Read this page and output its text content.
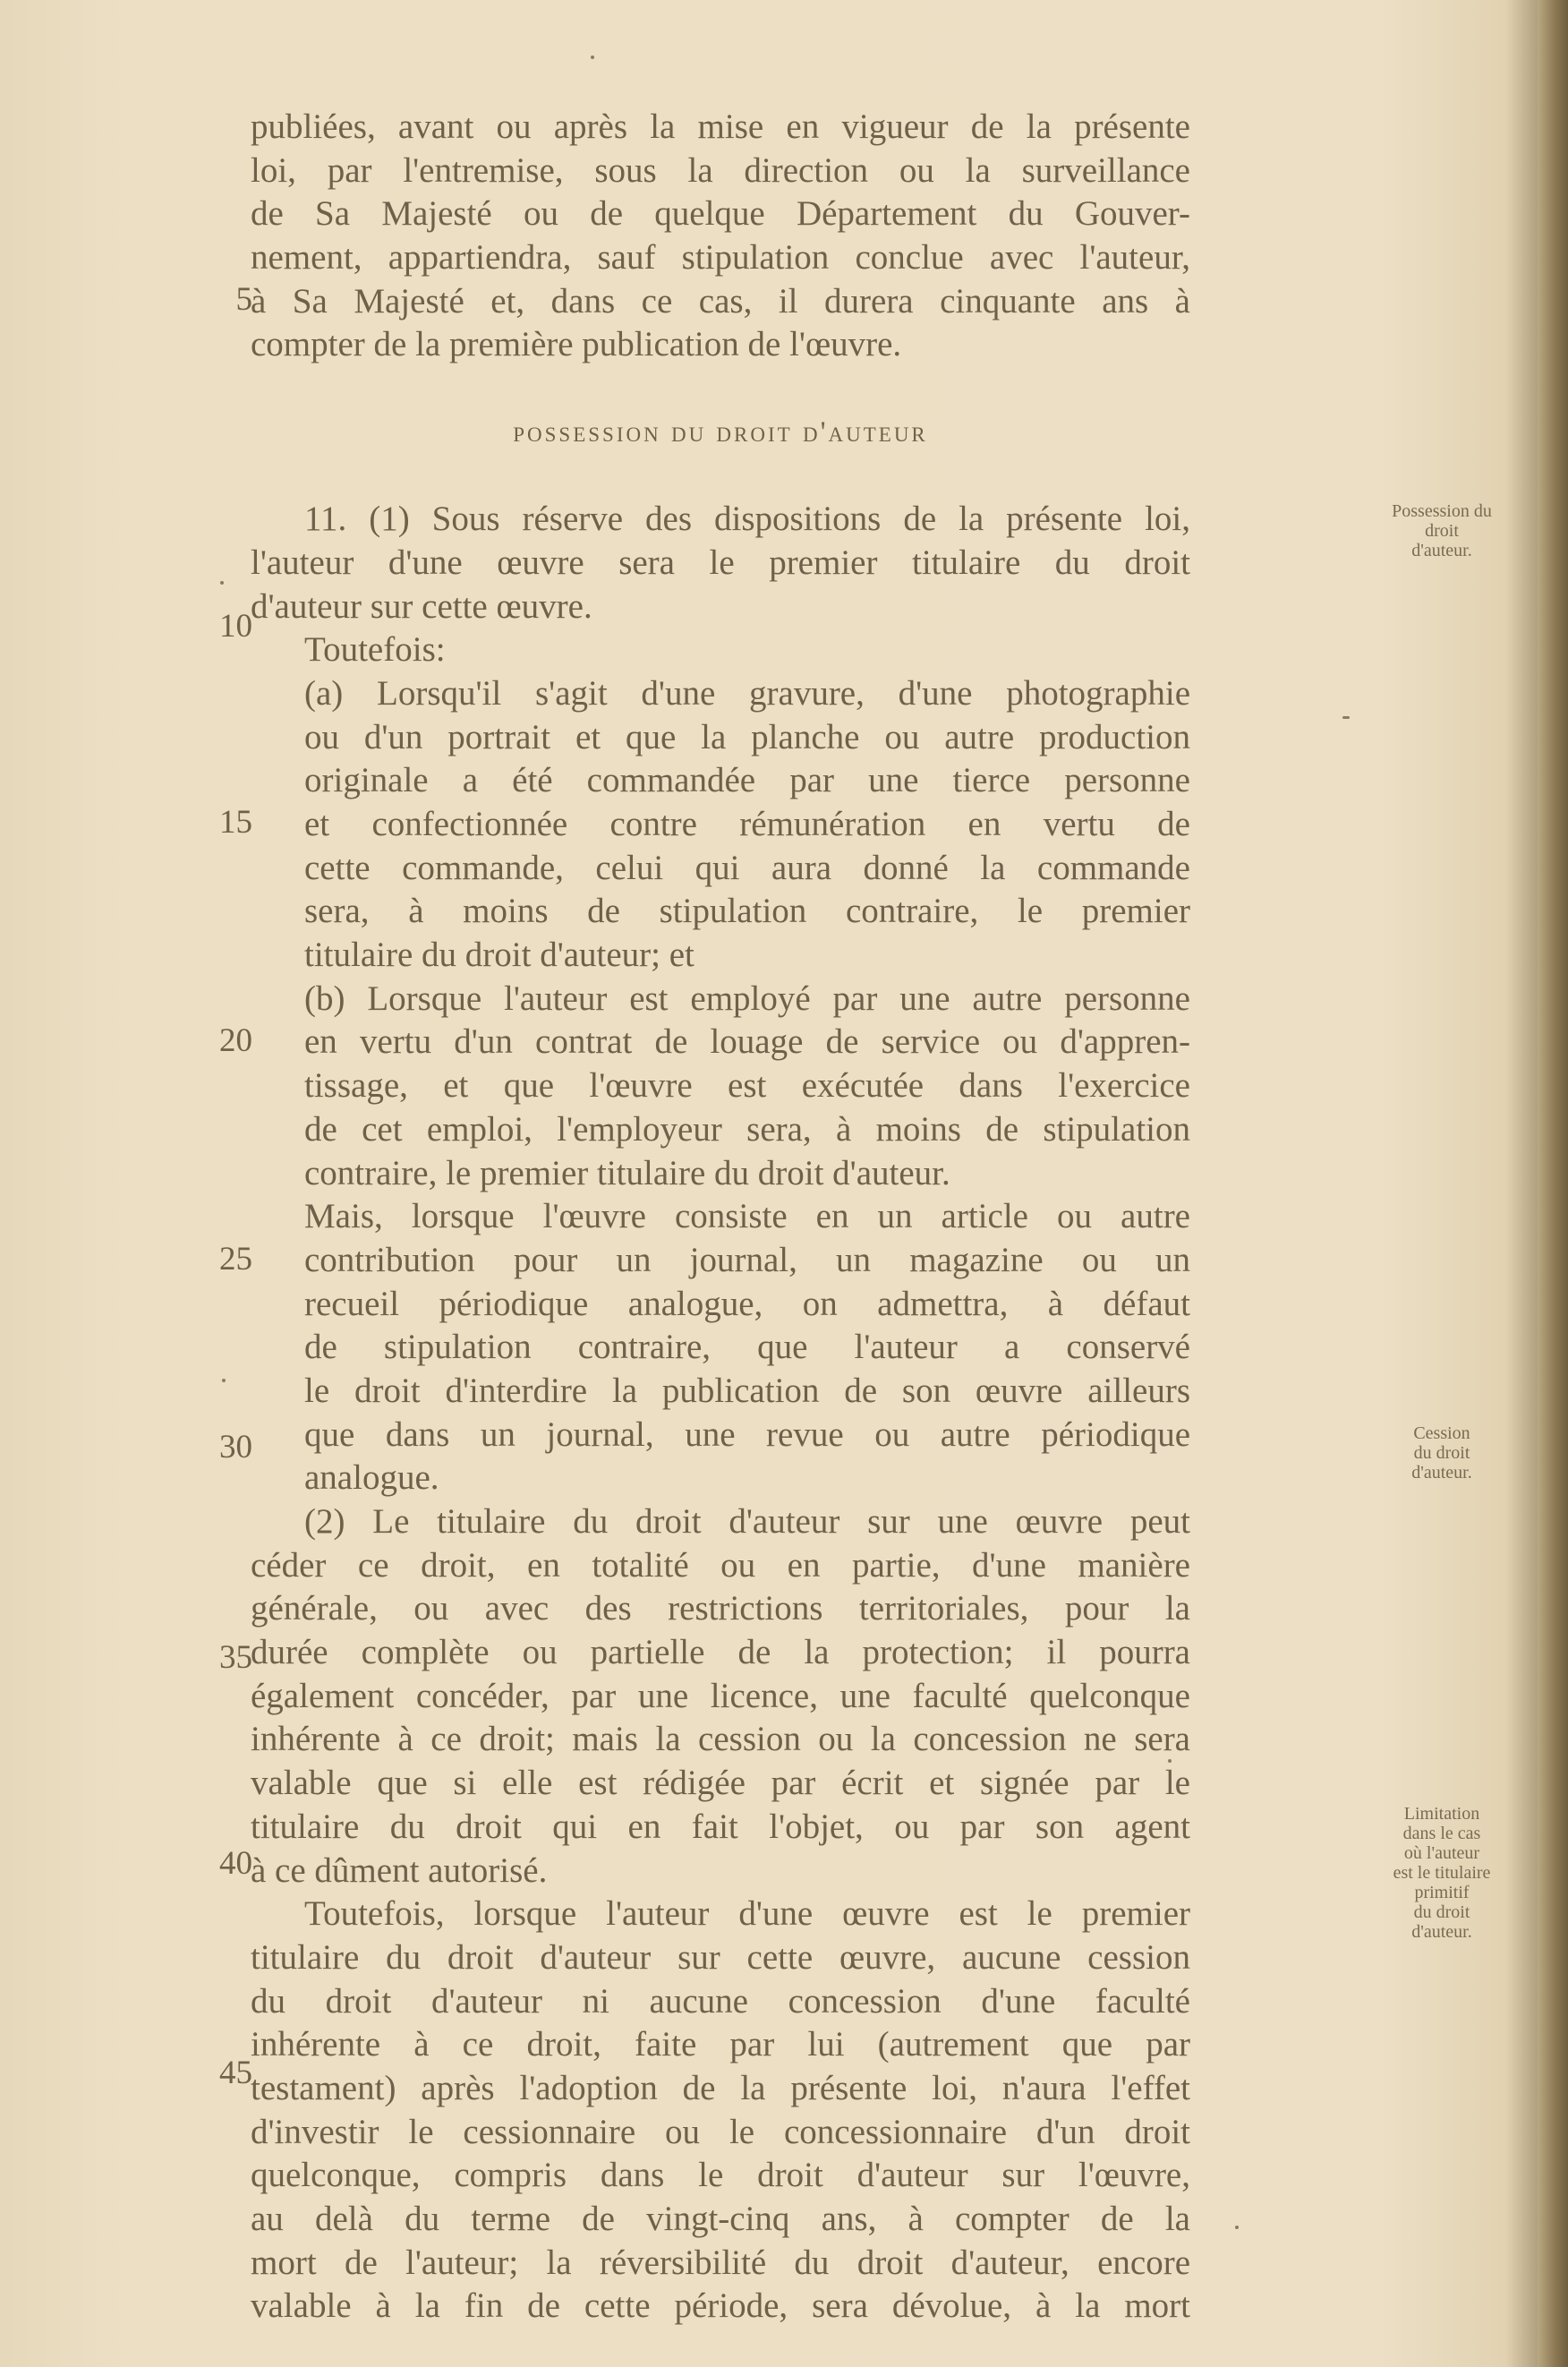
publiées, avant ou après la mise en vigueur de la présente
loi, par l'entremise, sous la direction ou la surveillance
de Sa Majesté ou de quelque Département du Gouver-
nement, appartiendra, sauf stipulation conclue avec l'auteur,
à Sa Majesté et, dans ce cas, il durera cinquante ans à
compter de la première publication de l'œuvre.
possession du droit d'auteur
11. (1) Sous réserve des dispositions de la présente loi,
l'auteur d'une œuvre sera le premier titulaire du droit
d'auteur sur cette œuvre.
Toutefois:
(a) Lorsqu'il s'agit d'une gravure, d'une photographie
ou d'un portrait et que la planche ou autre production
originale a été commandée par une tierce personne
et confectionnée contre rémunération en vertu de
cette commande, celui qui aura donné la commande
sera, à moins de stipulation contraire, le premier
titulaire du droit d'auteur; et
(b) Lorsque l'auteur est employé par une autre personne
en vertu d'un contrat de louage de service ou d'appren-
tissage, et que l'œuvre est exécutée dans l'exercice
de cet emploi, l'employeur sera, à moins de stipulation
contraire, le premier titulaire du droit d'auteur.
Mais, lorsque l'œuvre consiste en un article ou autre
contribution pour un journal, un magazine ou un
recueil périodique analogue, on admettra, à défaut
de stipulation contraire, que l'auteur a conservé
le droit d'interdire la publication de son œuvre ailleurs
que dans un journal, une revue ou autre périodique
analogue.
(2) Le titulaire du droit d'auteur sur une œuvre peut
céder ce droit, en totalité ou en partie, d'une manière
générale, ou avec des restrictions territoriales, pour la
durée complète ou partielle de la protection; il pourra
également concéder, par une licence, une faculté quelconque
inhérente à ce droit; mais la cession ou la concession ne sera
valable que si elle est rédigée par écrit et signée par le
titulaire du droit qui en fait l'objet, ou par son agent
à ce dûment autorisé.
Toutefois, lorsque l'auteur d'une œuvre est le premier
titulaire du droit d'auteur sur cette œuvre, aucune cession
du droit d'auteur ni aucune concession d'une faculté
inhérente à ce droit, faite par lui (autrement que par
testament) après l'adoption de la présente loi, n'aura l'effet
d'investir le cessionnaire ou le concessionnaire d'un droit
quelconque, compris dans le droit d'auteur sur l'œuvre,
au delà du terme de vingt-cinq ans, à compter de la
mort de l'auteur; la réversibilité du droit d'auteur, encore
valable à la fin de cette période, sera dévolue, à la mort
5
10
15
20
25
30
35
40
45
Possession du
droit
d'auteur.
Cession
du droit
d'auteur.
Limitation
dans le cas
où l'auteur
est le titulaire
primitif
du droit
d'auteur.
